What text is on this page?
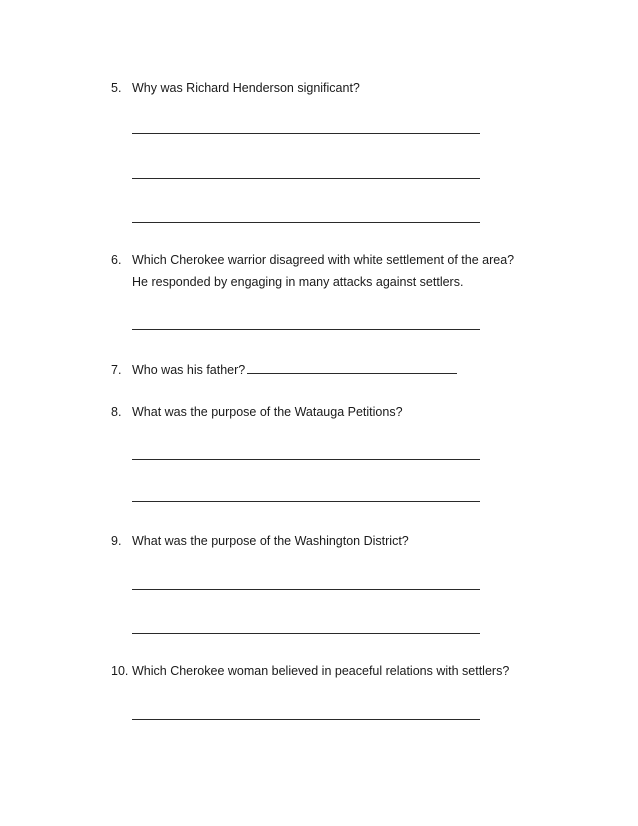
5. Why was Richard Henderson significant?
6. Which Cherokee warrior disagreed with white settlement of the area?
He responded by engaging in many attacks against settlers.
7. Who was his father?
8. What was the purpose of the Watauga Petitions?
9. What was the purpose of the Washington District?
10. Which Cherokee woman believed in peaceful relations with settlers?
